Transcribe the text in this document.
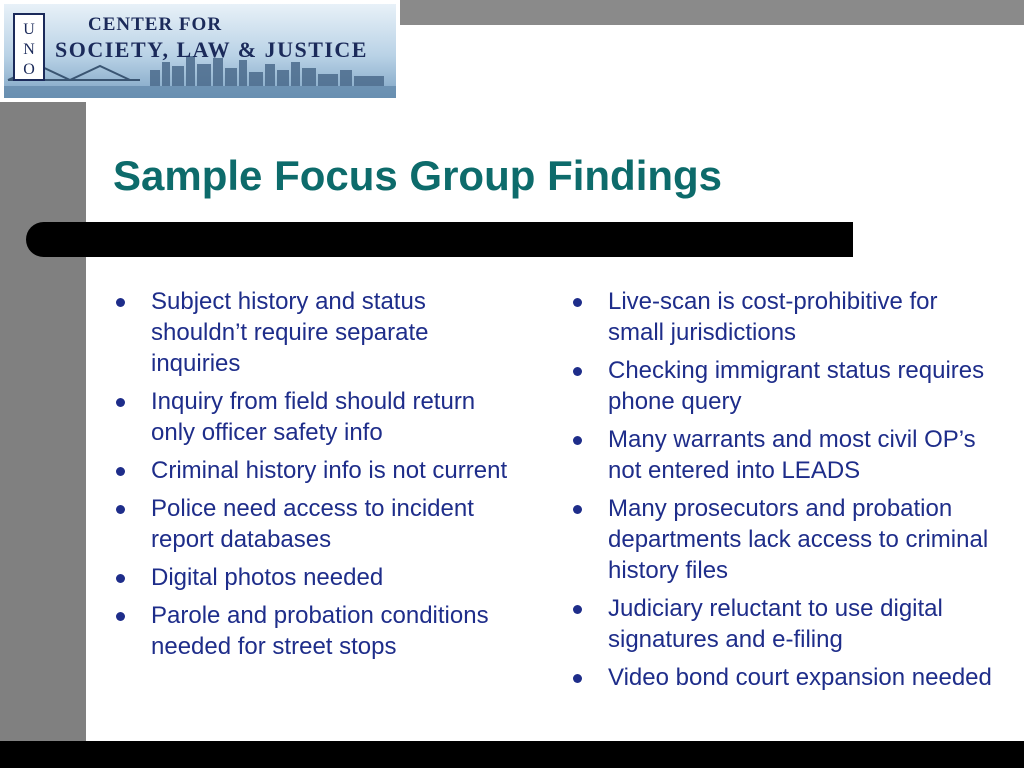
U
N
O
CENTER FOR
SOCIETY, LAW & JUSTICE
Sample Focus Group Findings
Subject history and status shouldn’t require separate inquiries
Inquiry from field should return only officer safety info
Criminal history info is not current
Police need access to incident report databases
Digital photos needed
Parole and probation conditions needed for street stops
Live-scan is cost-prohibitive for small jurisdictions
Checking immigrant status requires phone query
Many warrants and most civil OP’s not entered into LEADS
Many prosecutors and probation departments lack access to criminal history files
Judiciary reluctant to use digital signatures and e-filing
Video bond court expansion needed
